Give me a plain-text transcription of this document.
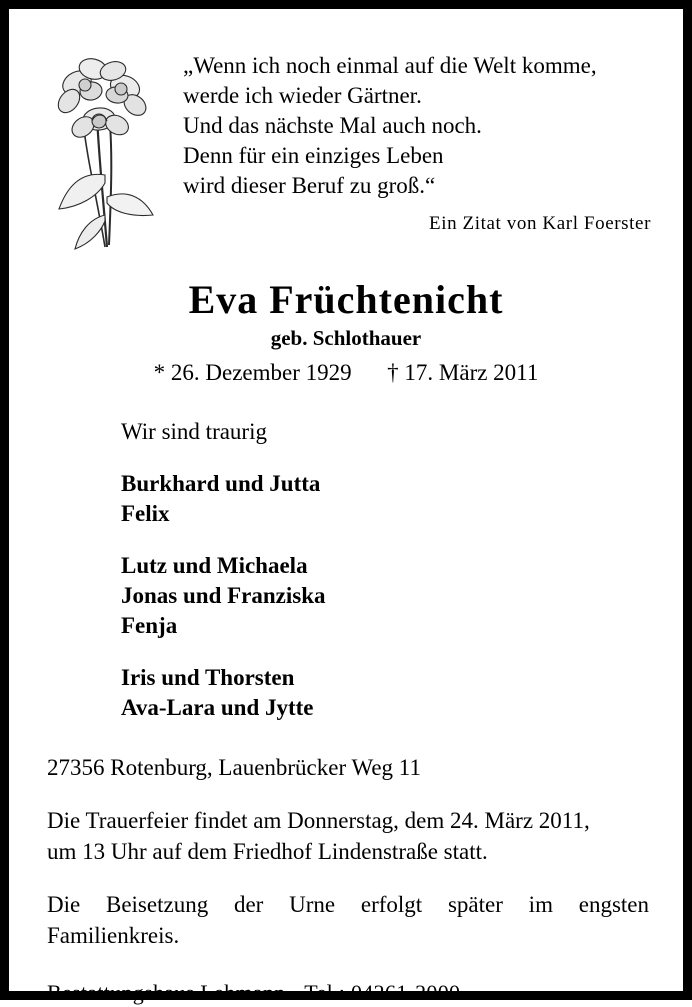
„Wenn ich noch einmal auf die Welt komme,
werde ich wieder Gärtner.
Und das nächste Mal auch noch.
Denn für ein einziges Leben
wird dieser Beruf zu groß.“
Ein Zitat von Karl Foerster
Eva Früchtenicht
geb. Schlothauer
* 26. Dezember 1929 † 17. März 2011
Wir sind traurig
Burkhard und Jutta
Felix
Lutz und Michaela
Jonas und Franziska
Fenja
Iris und Thorsten
Ava-Lara und Jytte
27356 Rotenburg, Lauenbrücker Weg 11
Die Trauerfeier findet am Donnerstag, dem 24. März 2011,
um 13 Uhr auf dem Friedhof Lindenstraße statt.
Die Beisetzung der Urne erfolgt später im engsten
Familienkreis.
Bestattungshaus Lehmann · Tel.: 04261-2000
